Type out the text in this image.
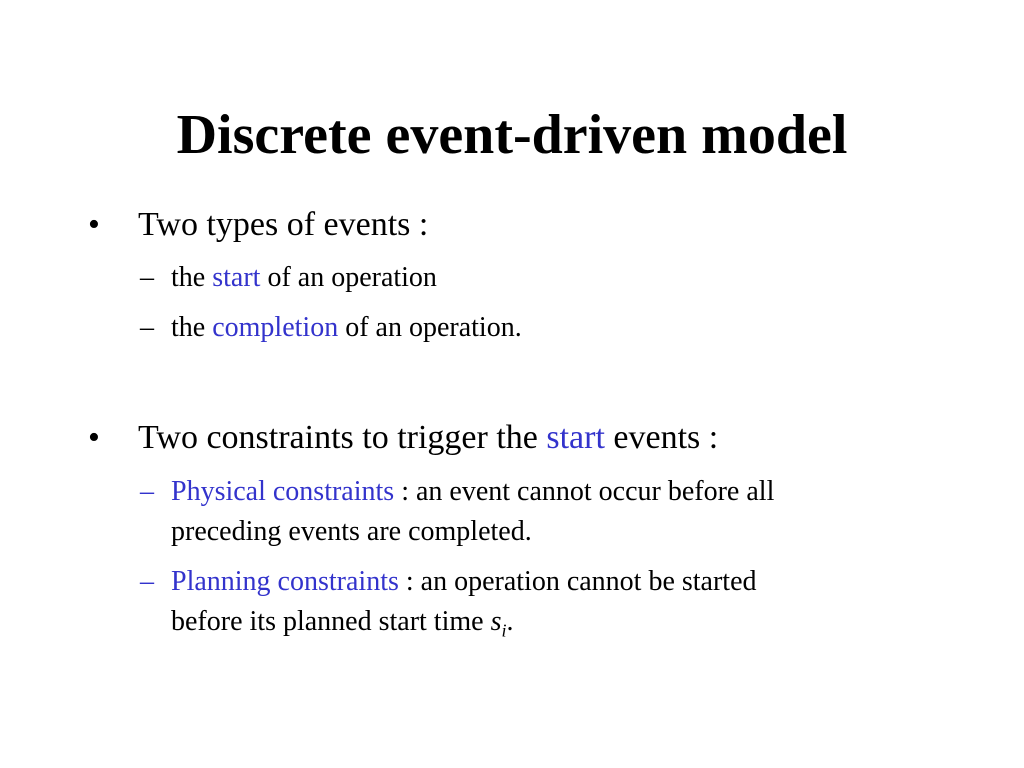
Discrete event-driven model
•	Two types of events :
– the start of an operation
– the completion of an operation.
•	Two constraints to trigger the start events :
– Physical constraints : an event cannot occur before all
preceding events are completed.
– Planning constraints : an operation cannot be started
before its planned start time $s_i$.
